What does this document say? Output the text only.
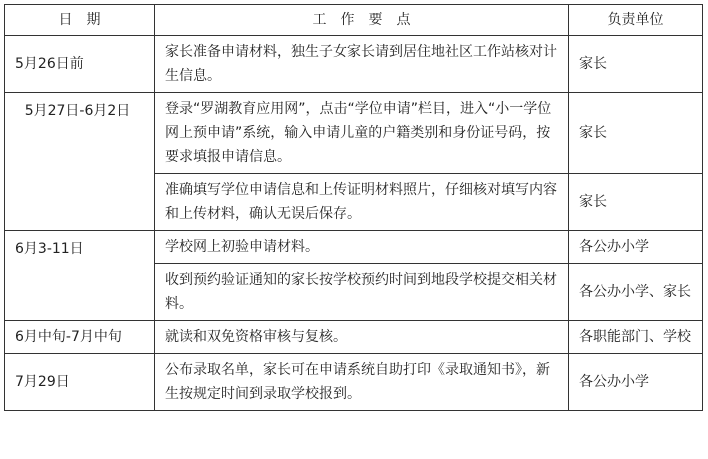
日　期	工　作　要　点	负责单位
5月26日前	家长准备申请材料，独生子女家长请到居住地社区工作站核对计生信息。	家长
5月27日-6月2日	登录“罗湖教育应用网”，点击“学位申请”栏目，进入“小一学位网上预申请”系统，输入申请儿童的户籍类别和身份证号码，按要求填报申请信息。	家长
	准确填写学位申请信息和上传证明材料照片，仔细核对填写内容和上传材料，确认无误后保存。	家长
6月3-11日	学校网上初验申请材料。	各公办小学
	收到预约验证通知的家长按学校预约时间到地段学校提交相关材料。	各公办小学、家长
6月中旬-7月中旬	就读和双免资格审核与复核。	各职能部门、学校
7月29日	公布录取名单，家长可在申请系统自助打印《录取通知书》，新生按规定时间到录取学校报到。	各公办小学
